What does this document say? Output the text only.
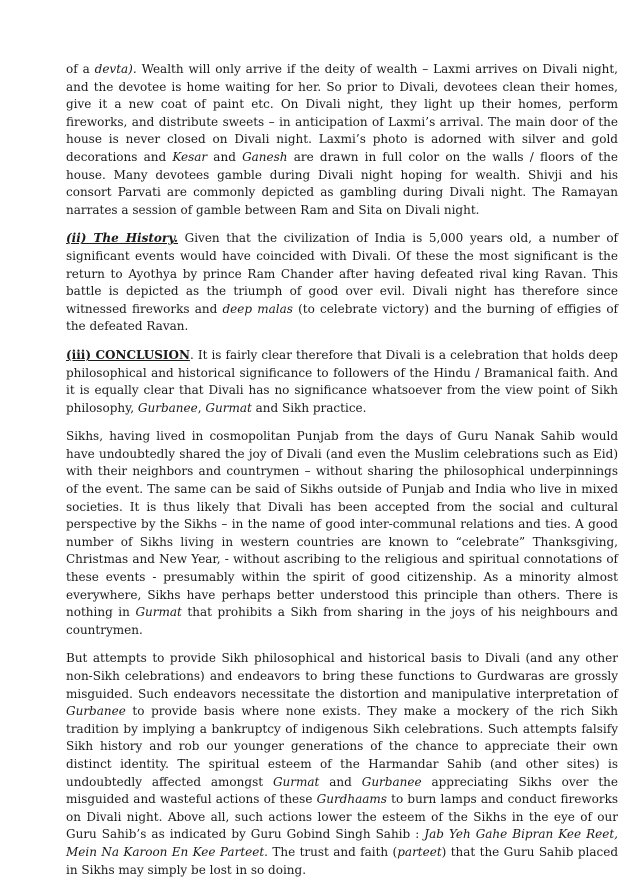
of a devta). Wealth will only arrive if the deity of wealth – Laxmi arrives on Divali night, and the devotee is home waiting for her. So prior to Divali, devotees clean their homes, give it a new coat of paint etc. On Divali night, they light up their homes, perform fireworks, and distribute sweets – in anticipation of Laxmi’s arrival. The main door of the house is never closed on Divali night. Laxmi’s photo is adorned with silver and gold decorations and Kesar and Ganesh are drawn in full color on the walls / floors of the house. Many devotees gamble during Divali night hoping for wealth. Shivji and his consort Parvati are commonly depicted as gambling during Divali night. The Ramayan narrates a session of gamble between Ram and Sita on Divali night.

(ii) The History. Given that the civilization of India is 5,000 years old, a number of significant events would have coincided with Divali. Of these the most significant is the return to Ayothya by prince Ram Chander after having defeated rival king Ravan. This battle is depicted as the triumph of good over evil. Divali night has therefore since witnessed fireworks and deep malas (to celebrate victory) and the burning of effigies of the defeated Ravan.

(iii) CONCLUSION. It is fairly clear therefore that Divali is a celebration that holds deep philosophical and historical significance to followers of the Hindu / Bramanical faith. And it is equally clear that Divali has no significance whatsoever from the view point of Sikh philosophy, Gurbanee, Gurmat and Sikh practice.

Sikhs, having lived in cosmopolitan Punjab from the days of Guru Nanak Sahib would have undoubtedly shared the joy of Divali (and even the Muslim celebrations such as Eid) with their neighbors and countrymen – without sharing the philosophical underpinnings of the event. The same can be said of Sikhs outside of Punjab and India who live in mixed societies. It is thus likely that Divali has been accepted from the social and cultural perspective by the Sikhs – in the name of good inter-communal relations and ties. A good number of Sikhs living in western countries are known to “celebrate” Thanksgiving, Christmas and New Year, - without ascribing to the religious and spiritual connotations of these events - presumably within the spirit of good citizenship. As a minority almost everywhere, Sikhs have perhaps better understood this principle than others. There is nothing in Gurmat that prohibits a Sikh from sharing in the joys of his neighbours and countrymen.

But attempts to provide Sikh philosophical and historical basis to Divali (and any other non-Sikh celebrations) and endeavors to bring these functions to Gurdwaras are grossly misguided. Such endeavors necessitate the distortion and manipulative interpretation of Gurbanee to provide basis where none exists. They make a mockery of the rich Sikh tradition by implying a bankruptcy of indigenous Sikh celebrations. Such attempts falsify Sikh history and rob our younger generations of the chance to appreciate their own distinct identity. The spiritual esteem of the Harmandar Sahib (and other sites) is undoubtedly affected amongst Gurmat and Gurbanee appreciating Sikhs over the misguided and wasteful actions of these Gurdhaams to burn lamps and conduct fireworks on Divali night. Above all, such actions lower the esteem of the Sikhs in the eye of our Guru Sahib’s as indicated by Guru Gobind Singh Sahib : Jab Yeh Gahe Bipran Kee Reet, Mein Na Karoon En Kee Parteet. The trust and faith (parteet) that the Guru Sahib placed in Sikhs may simply be lost in so doing.
